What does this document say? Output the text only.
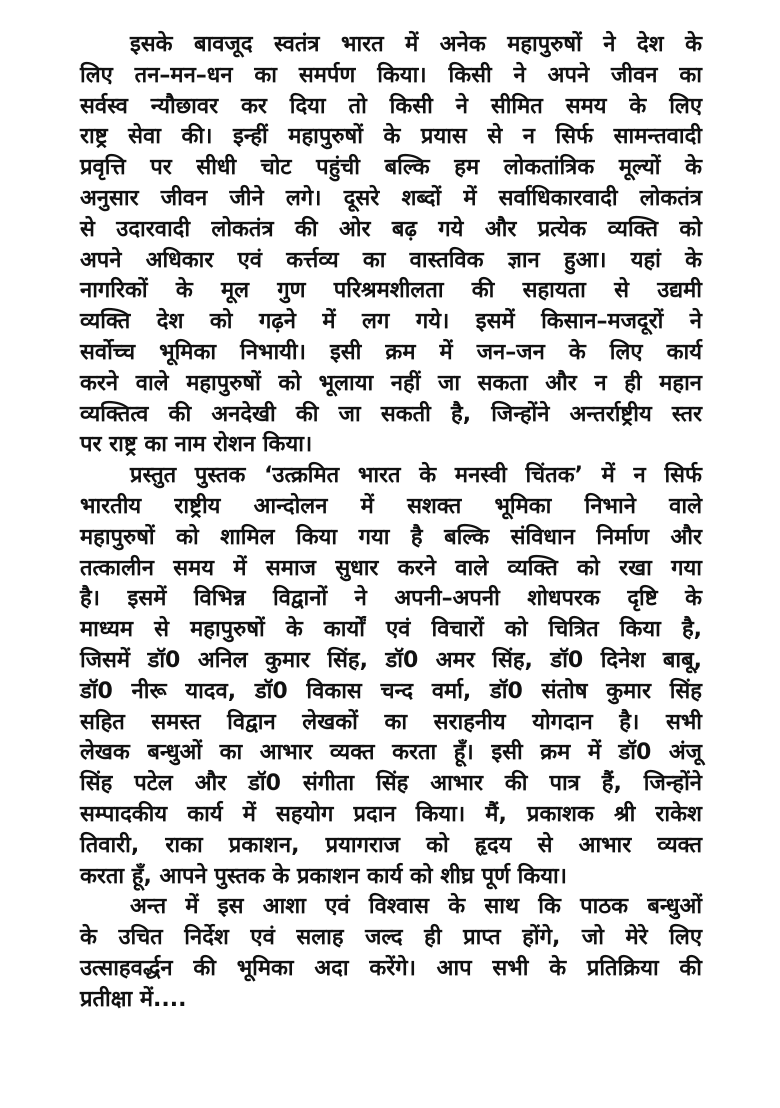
इसके बावजूद स्वतंत्र भारत में अनेक महापुरुषों ने देश के
लिए तन–मन–धन का समर्पण किया। किसी ने अपने जीवन का
सर्वस्व न्यौछावर कर दिया तो किसी ने सीमित समय के लिए
राष्ट्र सेवा की। इन्हीं महापुरुषों के प्रयास से न सिर्फ सामन्तवादी
प्रवृत्ति पर सीधी चोट पहुंची बल्कि हम लोकतांत्रिक मूल्यों के
अनुसार जीवन जीने लगे। दूसरे शब्दों में सर्वाधिकारवादी लोकतंत्र
से उदारवादी लोकतंत्र की ओर बढ़ गये और प्रत्येक व्यक्ति को
अपने अधिकार एवं कर्त्तव्य का वास्तविक ज्ञान हुआ। यहां के
नागरिकों के मूल गुण परिश्रमशीलता की सहायता से उद्यमी
व्यक्ति देश को गढ़ने में लग गये। इसमें किसान–मजदूरों ने
सर्वोच्च भूमिका निभायी। इसी क्रम में जन–जन के लिए कार्य
करने वाले महापुरुषों को भूलाया नहीं जा सकता और न ही महान
व्यक्तित्व की अनदेखी की जा सकती है, जिन्होंने अन्तर्राष्ट्रीय स्तर
पर राष्ट्र का नाम रोशन किया।
प्रस्तुत पुस्तक ‘उत्क्रमित भारत के मनस्वी चिंतक’ में न सिर्फ
भारतीय राष्ट्रीय आन्दोलन में सशक्त भूमिका निभाने वाले
महापुरुषों को शामिल किया गया है बल्कि संविधान निर्माण और
तत्कालीन समय में समाज सुधार करने वाले व्यक्ति को रखा गया
है। इसमें विभिन्न विद्वानों ने अपनी–अपनी शोधपरक दृष्टि के
माध्यम से महापुरुषों के कार्यों एवं विचारों को चित्रित किया है,
जिसमें डॉ0 अनिल कुमार सिंह, डॉ0 अमर सिंह, डॉ0 दिनेश बाबू,
डॉ0 नीरू यादव, डॉ0 विकास चन्द वर्मा, डॉ0 संतोष कुमार सिंह
सहित समस्त विद्वान लेखकों का सराहनीय योगदान है। सभी
लेखक बन्धुओं का आभार व्यक्त करता हूँ। इसी क्रम में डॉ0 अंजू
सिंह पटेल और डॉ0 संगीता सिंह आभार की पात्र हैं, जिन्होंने
सम्पादकीय कार्य में सहयोग प्रदान किया। मैं, प्रकाशक श्री राकेश
तिवारी, राका प्रकाशन, प्रयागराज को हृदय से आभार व्यक्त
करता हूँ, आपने पुस्तक के प्रकाशन कार्य को शीघ्र पूर्ण किया।
अन्त में इस आशा एवं विश्वास के साथ कि पाठक बन्धुओं
के उचित निर्देश एवं सलाह जल्द ही प्राप्त होंगे, जो मेरे लिए
उत्साहवर्द्धन की भूमिका अदा करेंगे। आप सभी के प्रतिक्रिया की
प्रतीक्षा में....
